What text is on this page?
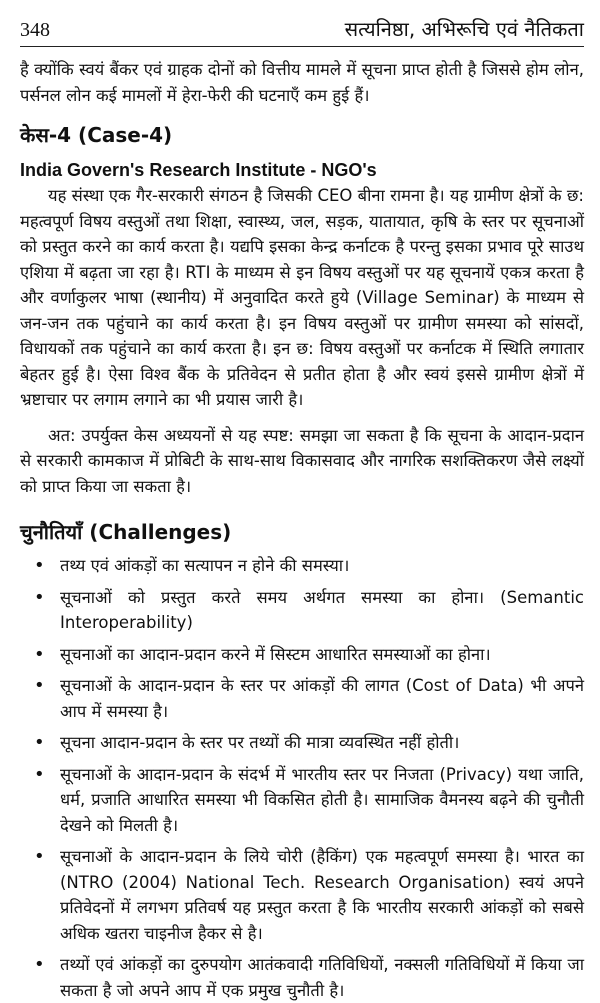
348	सत्यनिष्ठा, अभिरूचि एवं नैतिकता

है क्योंकि स्वयं बैंकर एवं ग्राहक दोनों को वित्तीय मामले में सूचना प्राप्त होती है जिससे होम लोन, पर्सनल लोन कई मामलों में हेरा-फेरी की घटनाएँ कम हुई हैं।

केस-4 (Case-4)
India Govern's Research Institute - NGO's

यह संस्था एक गैर-सरकारी संगठन है जिसकी CEO बीना रामना है। यह ग्रामीण क्षेत्रों के छ: महत्वपूर्ण विषय वस्तुओं तथा शिक्षा, स्वास्थ्य, जल, सड़क, यातायात, कृषि के स्तर पर सूचनाओं को प्रस्तुत करने का कार्य करता है। यद्यपि इसका केन्द्र कर्नाटक है परन्तु इसका प्रभाव पूरे साउथ एशिया में बढ़ता जा रहा है। RTI के माध्यम से इन विषय वस्तुओं पर यह सूचनायें एकत्र करता है और वर्णाकुलर भाषा (स्थानीय) में अनुवादित करते हुये (Village Seminar) के माध्यम से जन-जन तक पहुंचाने का कार्य करता है। इन विषय वस्तुओं पर ग्रामीण समस्या को सांसदों, विधायकों तक पहुंचाने का कार्य करता है। इन छ: विषय वस्तुओं पर कर्नाटक में स्थिति लगातार बेहतर हुई है। ऐसा विश्व बैंक के प्रतिवेदन से प्रतीत होता है और स्वयं इससे ग्रामीण क्षेत्रों में भ्रष्टाचार पर लगाम लगाने का भी प्रयास जारी है।

अत: उपर्युक्त केस अध्ययनों से यह स्पष्ट: समझा जा सकता है कि सूचना के आदान-प्रदान से सरकारी कामकाज में प्रोबिटी के साथ-साथ विकासवाद और नागरिक सशक्तिकरण जैसे लक्ष्यों को प्राप्त किया जा सकता है।

चुनौतियाँ (Challenges)
• तथ्य एवं आंकड़ों का सत्यापन न होने की समस्या।
• सूचनाओं को प्रस्तुत करते समय अर्थगत समस्या का होना। (Semantic Interoperability)
• सूचनाओं का आदान-प्रदान करने में सिस्टम आधारित समस्याओं का होना।
• सूचनाओं के आदान-प्रदान के स्तर पर आंकड़ों की लागत (Cost of Data) भी अपने आप में समस्या है।
• सूचना आदान-प्रदान के स्तर पर तथ्यों की मात्रा व्यवस्थित नहीं होती।
• सूचनाओं के आदान-प्रदान के संदर्भ में भारतीय स्तर पर निजता (Privacy) यथा जाति, धर्म, प्रजाति आधारित समस्या भी विकसित होती है। सामाजिक वैमनस्य बढ़ने की चुनौती देखने को मिलती है।
• सूचनाओं के आदान-प्रदान के लिये चोरी (हैकिंग) एक महत्वपूर्ण समस्या है। भारत का (NTRO (2004) National Tech. Research Organisation) स्वयं अपने प्रतिवेदनों में लगभग प्रतिवर्ष यह प्रस्तुत करता है कि भारतीय सरकारी आंकड़ों को सबसे अधिक खतरा चाइनीज हैकर से है।
• तथ्यों एवं आंकड़ों का दुरुपयोग आतंकवादी गतिविधियों, नक्सली गतिविधियों में किया जा सकता है जो अपने आप में एक प्रमुख चुनौती है।
